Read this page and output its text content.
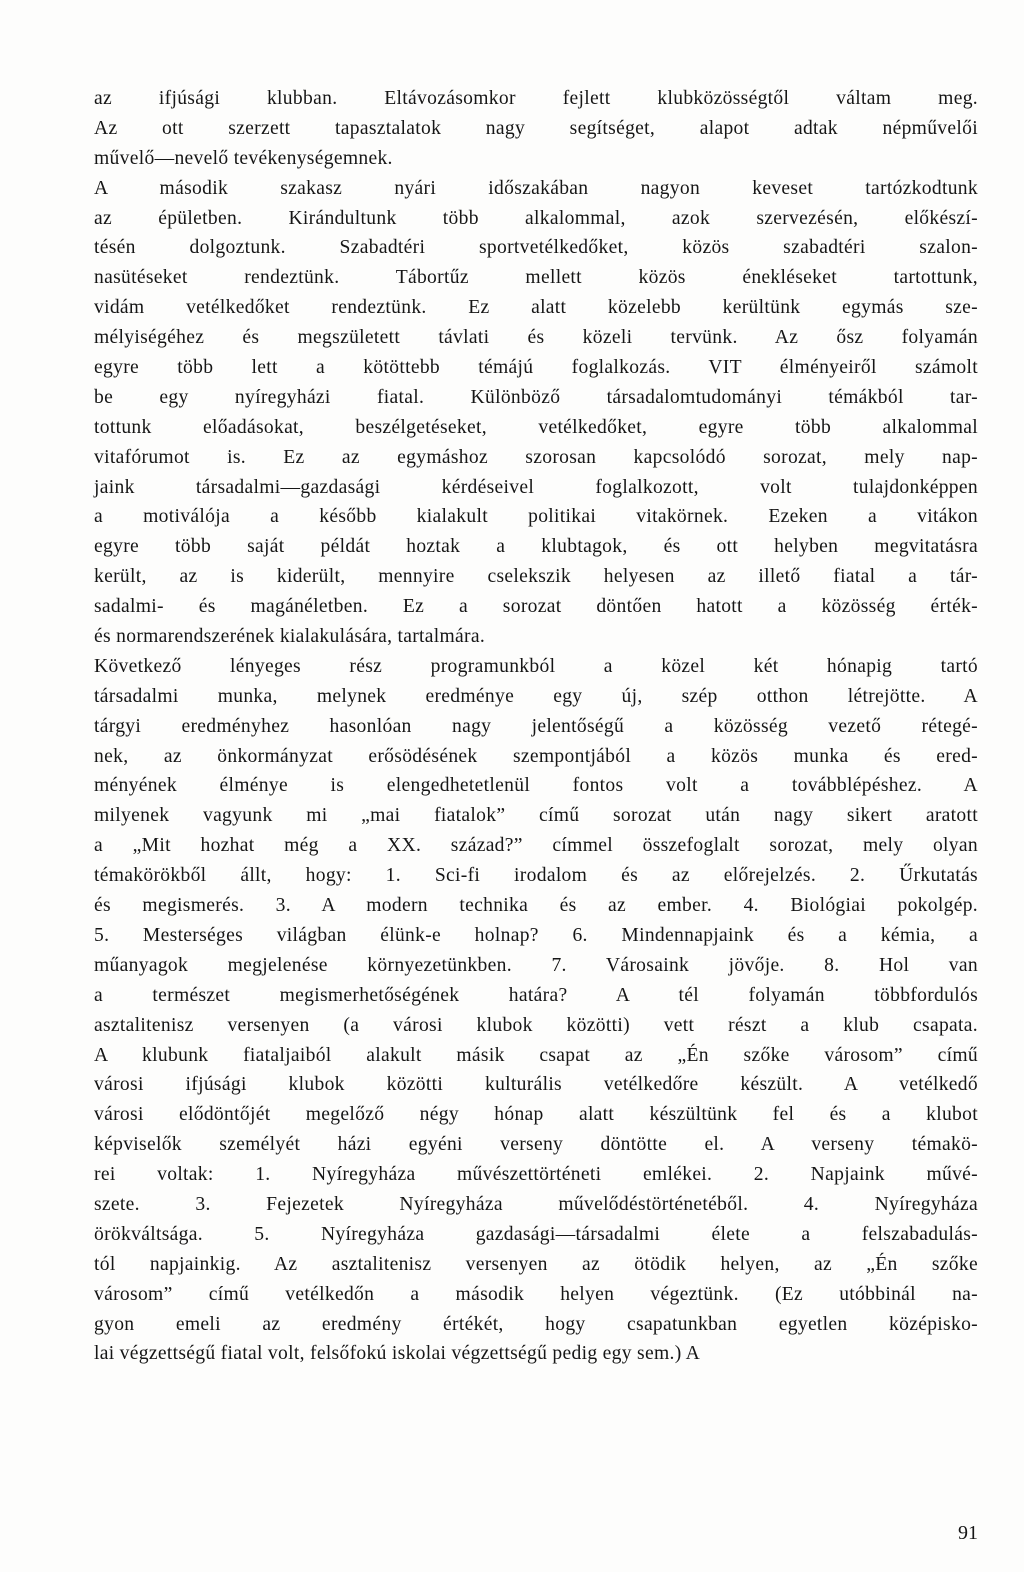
az ifjúsági klubban. Eltávozásomkor fejlett klubközösségtől váltam meg.
Az ott szerzett tapasztalatok nagy segítséget, alapot adtak népművelői
művelő—nevelő tevékenységemnek.
A második szakasz nyári időszakában nagyon keveset tartózkodtunk
az épületben. Kirándultunk több alkalommal, azok szervezésén, előkészí-
tésén dolgoztunk. Szabadtéri sportvetélkedőket, közös szabadtéri szalon-
nasütéseket rendeztünk. Tábortűz mellett közös énekléseket tartottunk,
vidám vetélkedőket rendeztünk. Ez alatt közelebb kerültünk egymás sze-
mélyiségéhez és megszületett távlati és közeli tervünk. Az ősz folyamán
egyre több lett a kötöttebb témájú foglalkozás. VIT élményeiről számolt
be egy nyíregyházi fiatal. Különböző társadalomtudományi témákból tar-
tottunk előadásokat, beszélgetéseket, vetélkedőket, egyre több alkalommal
vitafórumot is. Ez az egymáshoz szorosan kapcsolódó sorozat, mely nap-
jaink társadalmi—gazdasági kérdéseivel foglalkozott, volt tulajdonképpen
a motiválója a később kialakult politikai vitakörnek. Ezeken a vitákon
egyre több saját példát hoztak a klubtagok, és ott helyben megvitatásra
került, az is kiderült, mennyire cselekszik helyesen az illető fiatal a tár-
sadalmi- és magánéletben. Ez a sorozat döntően hatott a közösség érték-
és normarendszerének kialakulására, tartalmára.
Következő lényeges rész programunkból a közel két hónapig tartó
társadalmi munka, melynek eredménye egy új, szép otthon létrejötte. A
tárgyi eredményhez hasonlóan nagy jelentőségű a közösség vezető rétegé-
nek, az önkormányzat erősödésének szempontjából a közös munka és ered-
ményének élménye is elengedhetetlenül fontos volt a továbblépéshez. A
milyenek vagyunk mi „mai fiatalok” című sorozat után nagy sikert aratott
a „Mit hozhat még a XX. század?” címmel összefoglalt sorozat, mely olyan
témakörökből állt, hogy: 1. Sci-fi irodalom és az előrejelzés. 2. Űrkutatás
és megismerés. 3. A modern technika és az ember. 4. Biológiai pokolgép.
5. Mesterséges világban élünk-e holnap? 6. Mindennapjaink és a kémia, a
műanyagok megjelenése környezetünkben. 7. Városaink jövője. 8. Hol van
a természet megismerhetőségének határa? A tél folyamán többfordulós
asztalitenisz versenyen (a városi klubok közötti) vett részt a klub csapata.
A klubunk fiataljaiból alakult másik csapat az „Én szőke városom” című
városi ifjúsági klubok közötti kulturális vetélkedőre készült. A vetélkedő
városi elődöntőjét megelőző négy hónap alatt készültünk fel és a klubot
képviselők személyét házi egyéni verseny döntötte el. A verseny témakö-
rei voltak: 1. Nyíregyháza művészettörténeti emlékei. 2. Napjaink művé-
szete. 3. Fejezetek Nyíregyháza művelődéstörténetéből. 4. Nyíregyháza
örökváltsága. 5. Nyíregyháza gazdasági—társadalmi élete a felszabadulás-
tól napjainkig. Az asztalitenisz versenyen az ötödik helyen, az „Én szőke
városom” című vetélkedőn a második helyen végeztünk. (Ez utóbbinál na-
gyon emeli az eredmény értékét, hogy csapatunkban egyetlen középisko-
lai végzettségű fiatal volt, felsőfokú iskolai végzettségű pedig egy sem.) A
91
